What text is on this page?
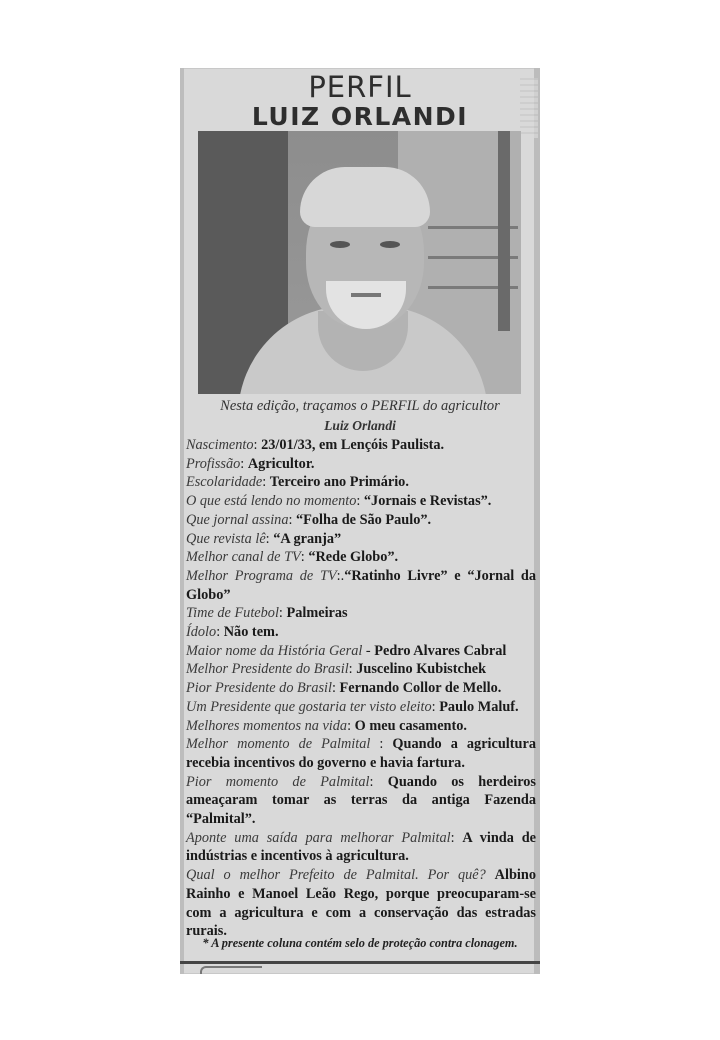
PERFIL
LUIZ ORLANDI
Nesta edição, traçamos o PERFIL do agricultor
Luiz Orlandi

Nascimento: 23/01/33, em Lençóis Paulista.

Profissão: Agricultor.

Escolaridade: Terceiro ano Primário.

O que está lendo no momento: “Jornais e Revistas”.

Que jornal assina: “Folha de São Paulo”.

Que revista lê: “A granja”

Melhor canal de TV: “Rede Globo”.

Melhor Programa de TV:.“Ratinho Livre” e “Jornal da Globo”

Time de Futebol: Palmeiras

Ídolo: Não tem.

Maior nome da História Geral - Pedro Alvares Cabral

Melhor Presidente do Brasil: Juscelino Kubistchek

Pior Presidente do Brasil: Fernando Collor de Mello.

Um Presidente que gostaria ter visto eleito: Paulo Maluf.

Melhores momentos na vida: O meu casamento.

Melhor momento de Palmital : Quando a agricultura recebia incentivos do governo e havia fartura.

Pior momento de Palmital: Quando os herdeiros ameaçaram tomar as terras da antiga Fazenda “Palmital”.

Aponte uma saída para melhorar Palmital: A vinda de indústrias e incentivos à agricultura.

Qual o melhor Prefeito de Palmital. Por quê? Albino Rainho e Manoel Leão Rego, porque preocuparam-se com a agricultura e com a conservação das estradas rurais.

* A presente coluna contém selo de proteção contra clonagem.
